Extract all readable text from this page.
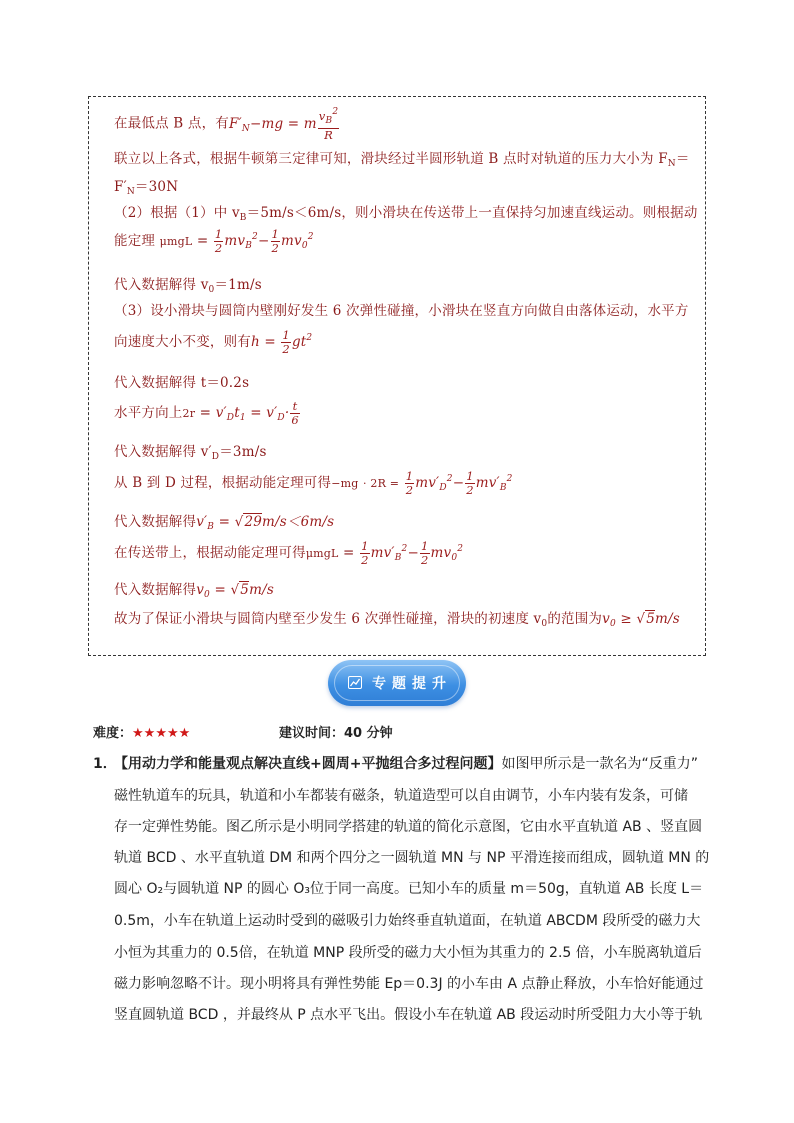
在最低点 B 点，有$F'_N-mg = m \frac{v_B^2}{R}$
联立以上各式，根据牛顿第三定律可知，滑块经过半圆形轨道 B 点时对轨道的压力大小为 $F_N=$
$F'_N=30N$
（2）根据（1）中 $v_B=5m/s<6m/s$，则小滑块在传送带上一直保持匀加速直线运动。则根据动
能定理 $\mu mgL = \frac{1}{2} mv_B^2- \frac{1}{2} mv_0^2$
代入数据解得 $v_0=1m/s$
（3）设小滑块与圆筒内壁刚好发生 6 次弹性碰撞，小滑块在竖直方向做自由落体运动，水平方
向速度大小不变，则有$h = \frac{1}{2} gt^2$
代入数据解得 t＝0.2s
水平方向上$2r = v'_Dt_1 = v'_D\cdot \frac{t}{6}$
代入数据解得 $v'_D=3m/s$
从 B 到 D 过程，根据动能定理可得$-mg \cdot 2R = \frac{1}{2} mv'_D^2- \frac{1}{2} mv'_B^2$
代入数据解得$v'_B = √29m/s<6m/s$
在传送带上，根据动能定理可得$\mu mgL = \frac{1}{2} mv'_B^2- \frac{1}{2} mv_0^2$
代入数据解得$v_0 = √5m/s$
故为了保证小滑块与圆筒内壁至少发生 6 次弹性碰撞，滑块的初速度 $v_0$的范围为$v_0 \ge √5m/s$
专题提升
难度：★★★★★	建议时间：40 分钟
1．
【用动力学和能量观点解决直线+圆周+平抛组合多过程问题】如图甲所示是一款名为“反重力”
磁性轨道车的玩具，轨道和小车都装有磁条，轨道造型可以自由调节，小车内装有发条，可储
存一定弹性势能。图乙所示是小明同学搭建的轨道的简化示意图，它由水平直轨道 AB 、竖直圆
轨道 BCD 、水平直轨道 DM 和两个四分之一圆轨道 MN 与 NP 平滑连接而组成，圆轨道 MN 的
圆心 O₂与圆轨道 NP 的圆心 O₃位于同一高度。已知小车的质量 m＝50g，直轨道 AB 长度 L＝
0.5m，小车在轨道上运动时受到的磁吸引力始终垂直轨道面，在轨道 ABCDM 段所受的磁力大
小恒为其重力的 0.5倍，在轨道 MNP 段所受的磁力大小恒为其重力的 2.5 倍，小车脱离轨道后
磁力影响忽略不计。现小明将具有弹性势能 Ep＝0.3J 的小车由 A 点静止释放，小车恰好能通过
竖直圆轨道 BCD ，并最终从 P 点水平飞出。假设小车在轨道 AB 段运动时所受阻力大小等于轨
